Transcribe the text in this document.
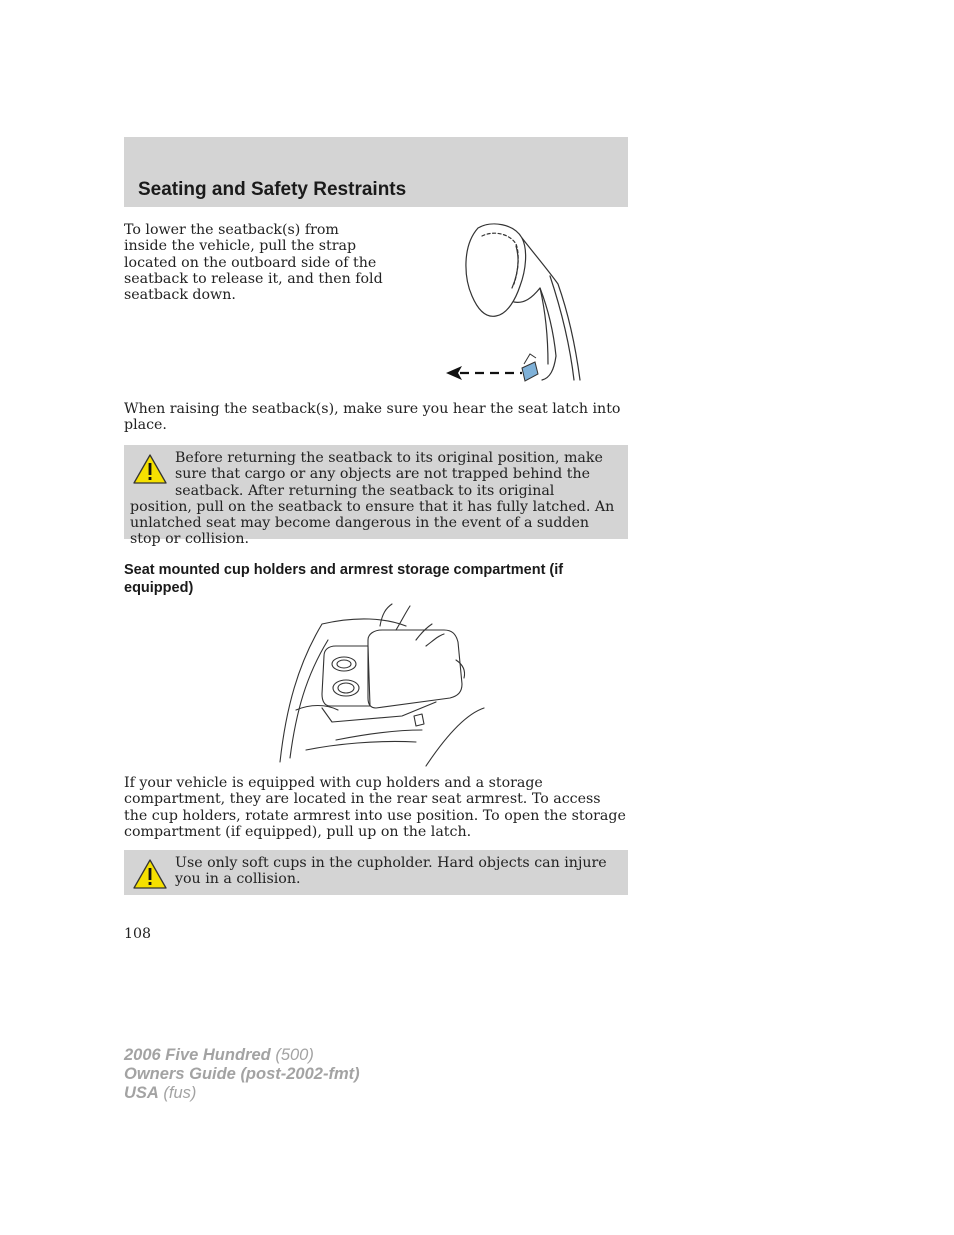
Seating and Safety Restraints

To lower the seatback(s) from inside the vehicle, pull the strap located on the outboard side of the seatback to release it, and then fold seatback down.

When raising the seatback(s), make sure you hear the seat latch into place.

Before returning the seatback to its original position, make sure that cargo or any objects are not trapped behind the seatback. After returning the seatback to its original position, pull on the seatback to ensure that it has fully latched. An unlatched seat may become dangerous in the event of a sudden stop or collision.

Seat mounted cup holders and armrest storage compartment (if equipped)

If your vehicle is equipped with cup holders and a storage compartment, they are located in the rear seat armrest. To access the cup holders, rotate armrest into use position. To open the storage compartment (if equipped), pull up on the latch.

Use only soft cups in the cupholder. Hard objects can injure you in a collision.

108
2006 Five Hundred (500)
Owners Guide (post-2002-fmt)
USA (fus)
